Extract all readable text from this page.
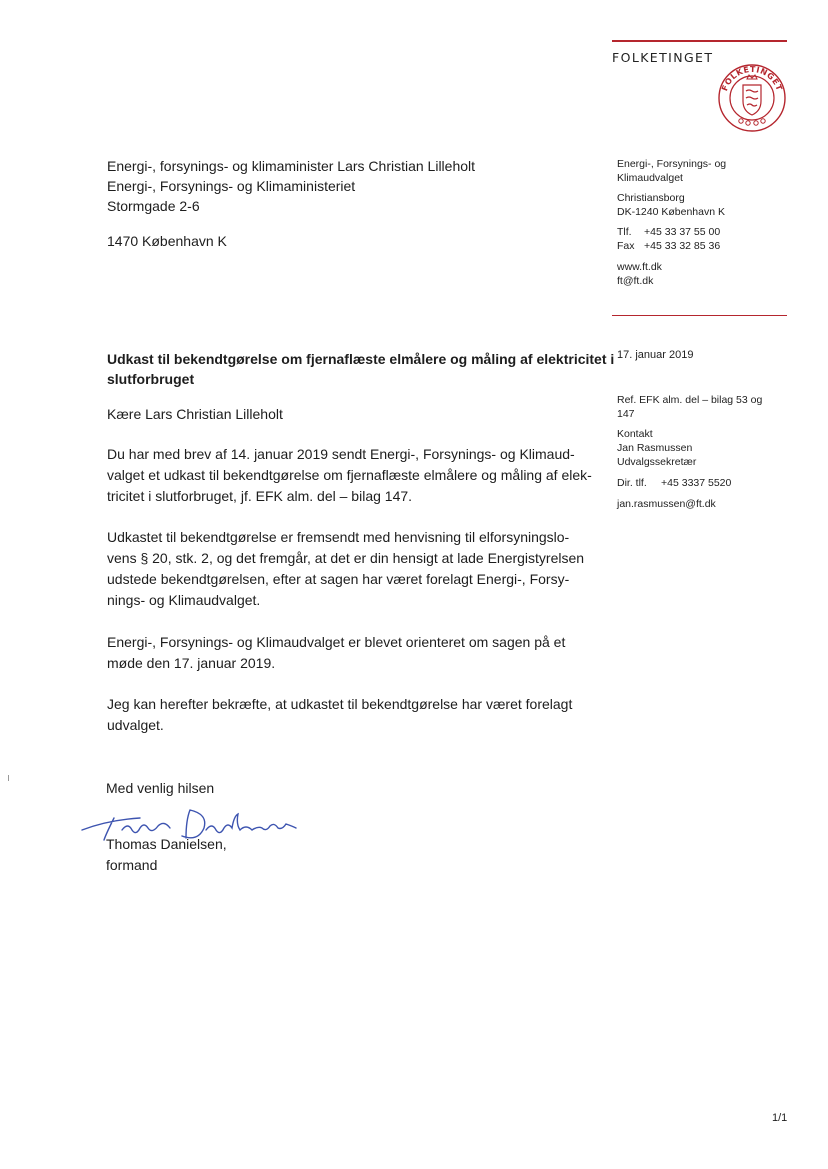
FOLKETINGET
FOLKETINGET
Energi-, forsynings- og klimaminister Lars Christian Lilleholt
Energi-, Forsynings- og Klimaministeriet
Stormgade 2-6
1470 København K
Energi-, Forsynings- og
Klimaudvalget
Christiansborg
DK-1240 København K
Tlf. +45 33 37 55 00
Fax +45 33 32 85 36
www.ft.dk
ft@ft.dk
17. januar 2019
Ref. EFK alm. del – bilag 53 og
147
Kontakt
Jan Rasmussen
Udvalgssekretær
Dir. tlf. +45 3337 5520
jan.rasmussen@ft.dk
Udkast til bekendtgørelse om fjernaflæste elmålere og måling af elektricitet i
slutforbruget
Kære Lars Christian Lilleholt
Du har med brev af 14. januar 2019 sendt Energi-, Forsynings- og Klimaud-
valget et udkast til bekendtgørelse om fjernaflæste elmålere og måling af elek-
tricitet i slutforbruget, jf. EFK alm. del – bilag 147.
Udkastet til bekendtgørelse er fremsendt med henvisning til elforsyningslo-
vens § 20, stk. 2, og det fremgår, at det er din hensigt at lade Energistyrelsen
udstede bekendtgørelsen, efter at sagen har været forelagt Energi-, Forsy-
nings- og Klimaudvalget.
Energi-, Forsynings- og Klimaudvalget er blevet orienteret om sagen på et
møde den 17. januar 2019.
Jeg kan herefter bekræfte, at udkastet til bekendtgørelse har været forelagt
udvalget.
Med venlig hilsen
Thomas Danielsen,
formand
1/1
